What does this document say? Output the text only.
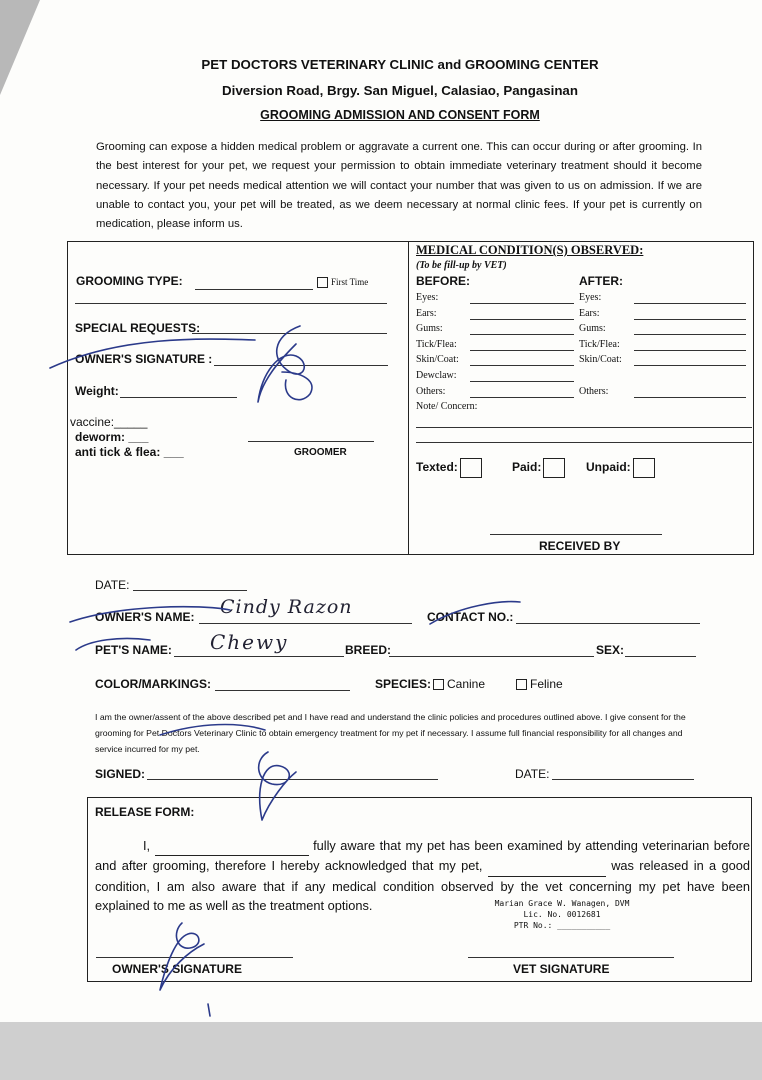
PET DOCTORS VETERINARY CLINIC and GROOMING CENTER
Diversion Road, Brgy. San Miguel, Calasiao, Pangasinan
GROOMING ADMISSION AND CONSENT FORM
Grooming can expose a hidden medical problem or aggravate a current one. This can occur during or after grooming. In the best interest for your pet, we request your permission to obtain immediate veterinary treatment should it become necessary. If your pet needs medical attention we will contact your number that was given to us on admission. If we are unable to contact you, your pet will be treated, as we deem necessary at normal clinic fees. If your pet is currently on medication, please inform us.
GROOMING TYPE:	First Time
SPECIAL REQUESTS:
OWNER'S SIGNATURE :
Weight:
vaccine:_____
deworm: ___
anti tick & flea: ___	GROOMER
MEDICAL CONDITION(S) OBSERVED:
(To be fill-up by VET)
BEFORE:	AFTER:
Eyes:	Eyes:
Ears:	Ears:
Gums:	Gums:
Tick/Flea:	Tick/Flea:
Skin/Coat:	Skin/Coat:
Dewclaw:
Others:	Others:
Note/ Concern:
Texted:	Paid:	Unpaid:
RECEIVED BY
DATE:
OWNER'S NAME: Cindy Razon	CONTACT NO.:
PET'S NAME: Chewy	BREED:	SEX:
COLOR/MARKINGS:	SPECIES:	Canine	Feline
I am the owner/assent of the above described pet and I have read and understand the clinic policies and procedures outlined above. I give consent for the grooming for Pet Doctors Veterinary Clinic to obtain emergency treatment for my pet if necessary. I assume full financial responsibility for all changes and service incurred for my pet.
SIGNED:	DATE:
RELEASE FORM:
I,	fully aware that my pet has been examined by attending veterinarian before and after grooming, therefore I hereby acknowledged that my pet,	was released in a good condition, I am also aware that if any medical condition observed by the vet concerning my pet have been explained to me as well as the treatment options.	Marian Grace W. Wanagen, DVM
Lic. No. 0012681
PTR No.: ___________
OWNER'S SIGNATURE	VET SIGNATURE
